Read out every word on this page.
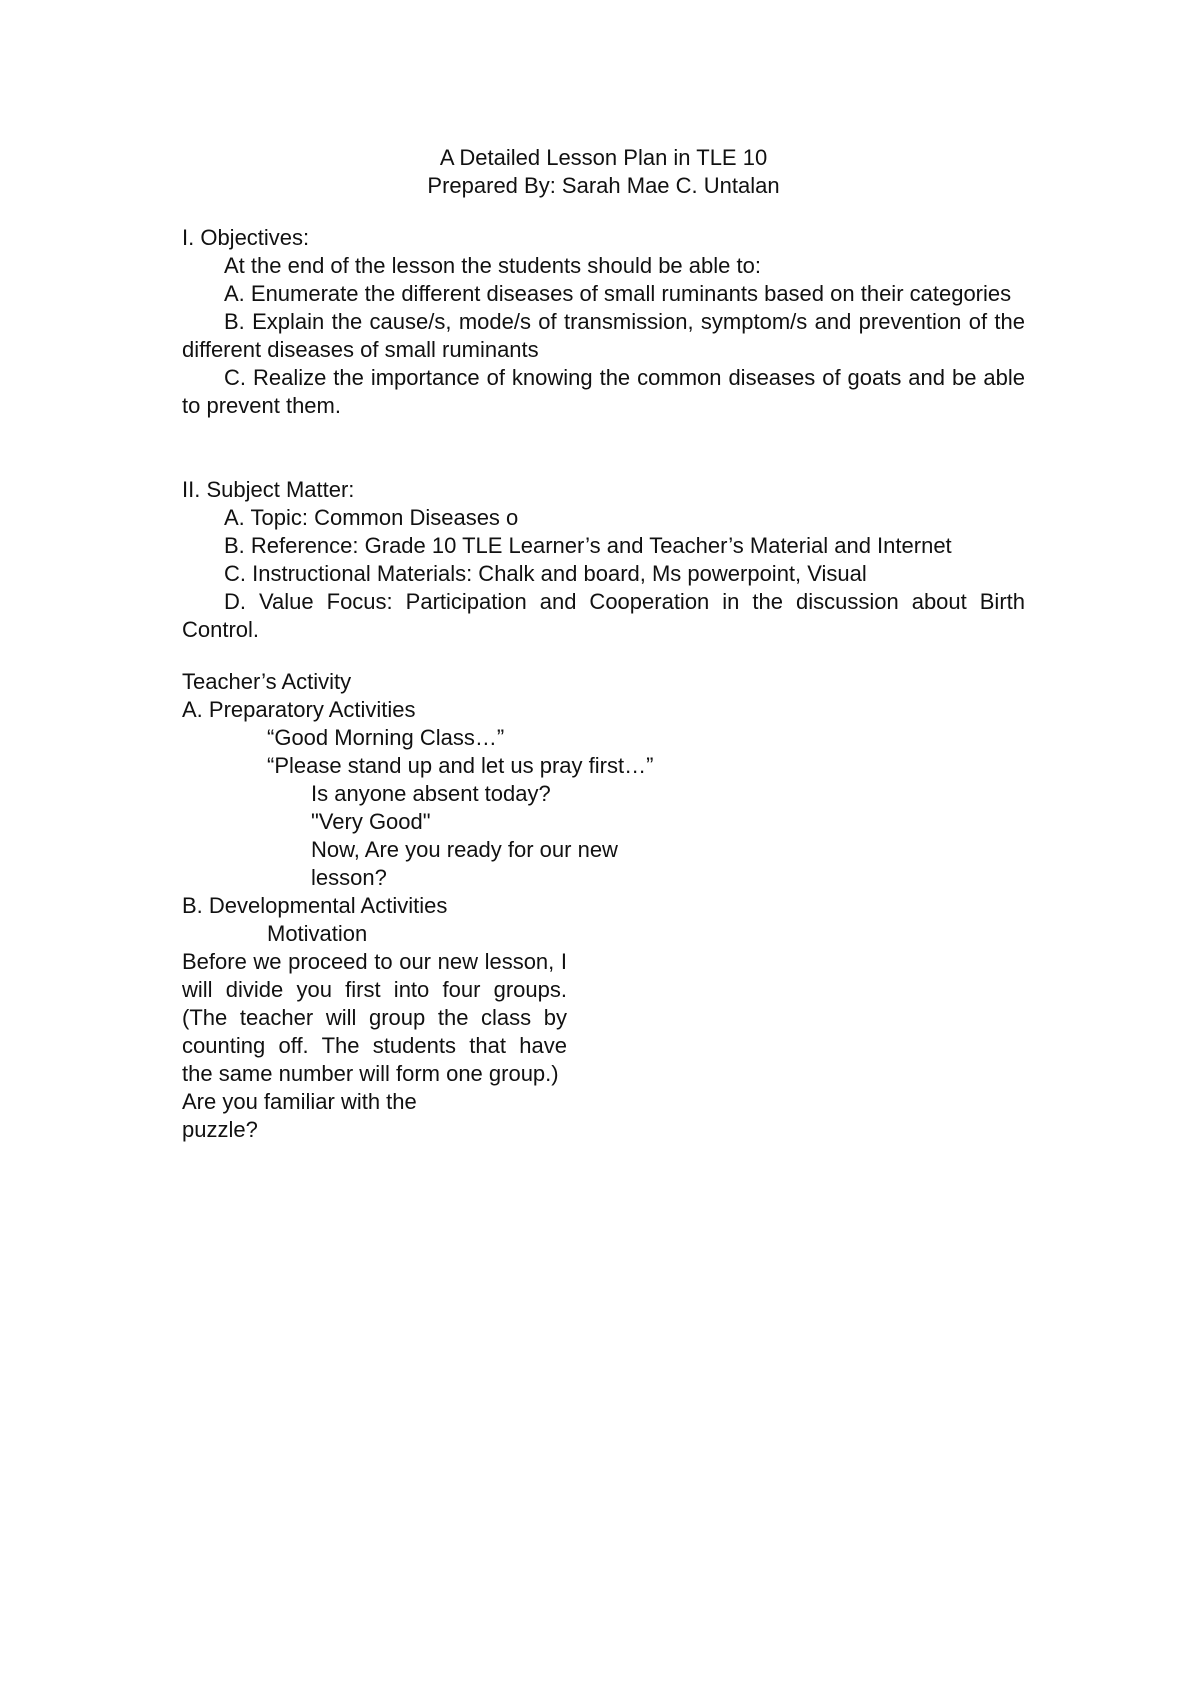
A Detailed Lesson Plan in TLE 10
Prepared By: Sarah Mae C. Untalan
I. Objectives:
At the end of the lesson the students should be able to:
A. Enumerate the different diseases of small ruminants based on their categories
B. Explain the cause/s, mode/s of transmission, symptom/s and prevention of the different diseases of small ruminants
C. Realize the importance of knowing the common diseases of goats and be able to prevent them.
II. Subject Matter:
A. Topic: Common Diseases o
B. Reference: Grade 10 TLE Learner’s and Teacher’s Material and Internet
C. Instructional Materials: Chalk and board, Ms powerpoint, Visual
D. Value Focus: Participation and Cooperation in the discussion about Birth Control.
Teacher’s Activity
A. Preparatory Activities
“Good Morning Class…”
“Please stand up and let us pray first…”
Is anyone absent today?
"Very Good"
Now, Are you ready for our new lesson?
B. Developmental Activities
Motivation
Before we proceed to our new lesson, I will divide you first into four groups. (The teacher will group the class by counting off. The students that have the same number will form one group.)
Are you familiar with the
puzzle?
